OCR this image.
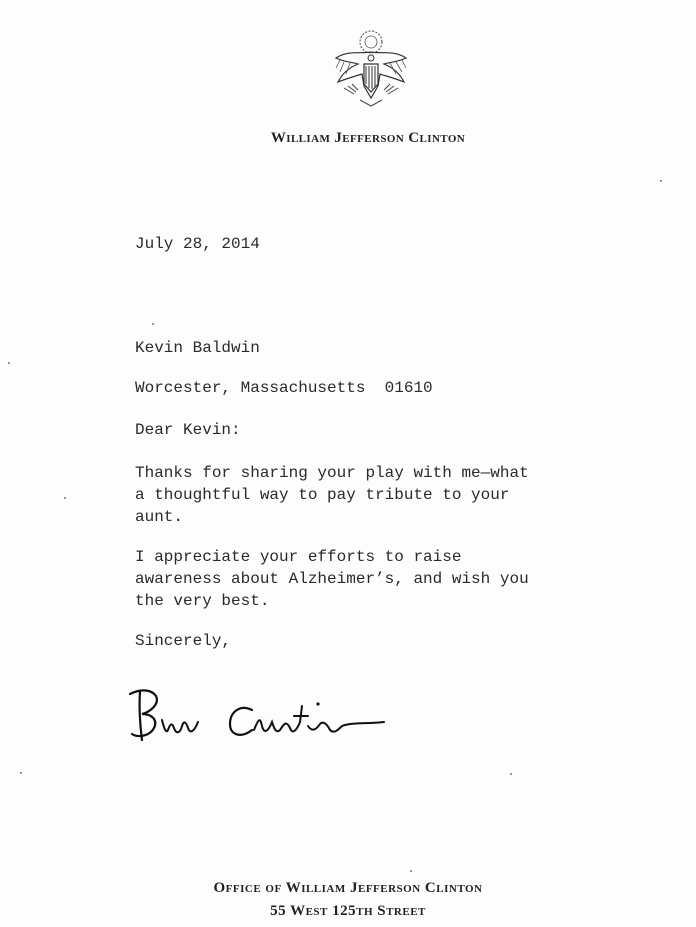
William Jefferson Clinton
July 28, 2014
Kevin Baldwin
Worcester, Massachusetts  01610
Dear Kevin:
Thanks for sharing your play with me—what
a thoughtful way to pay tribute to your
aunt.
I appreciate your efforts to raise
awareness about Alzheimer’s, and wish you
the very best.
Sincerely,
Office of William Jefferson Clinton
55 West 125th Street
